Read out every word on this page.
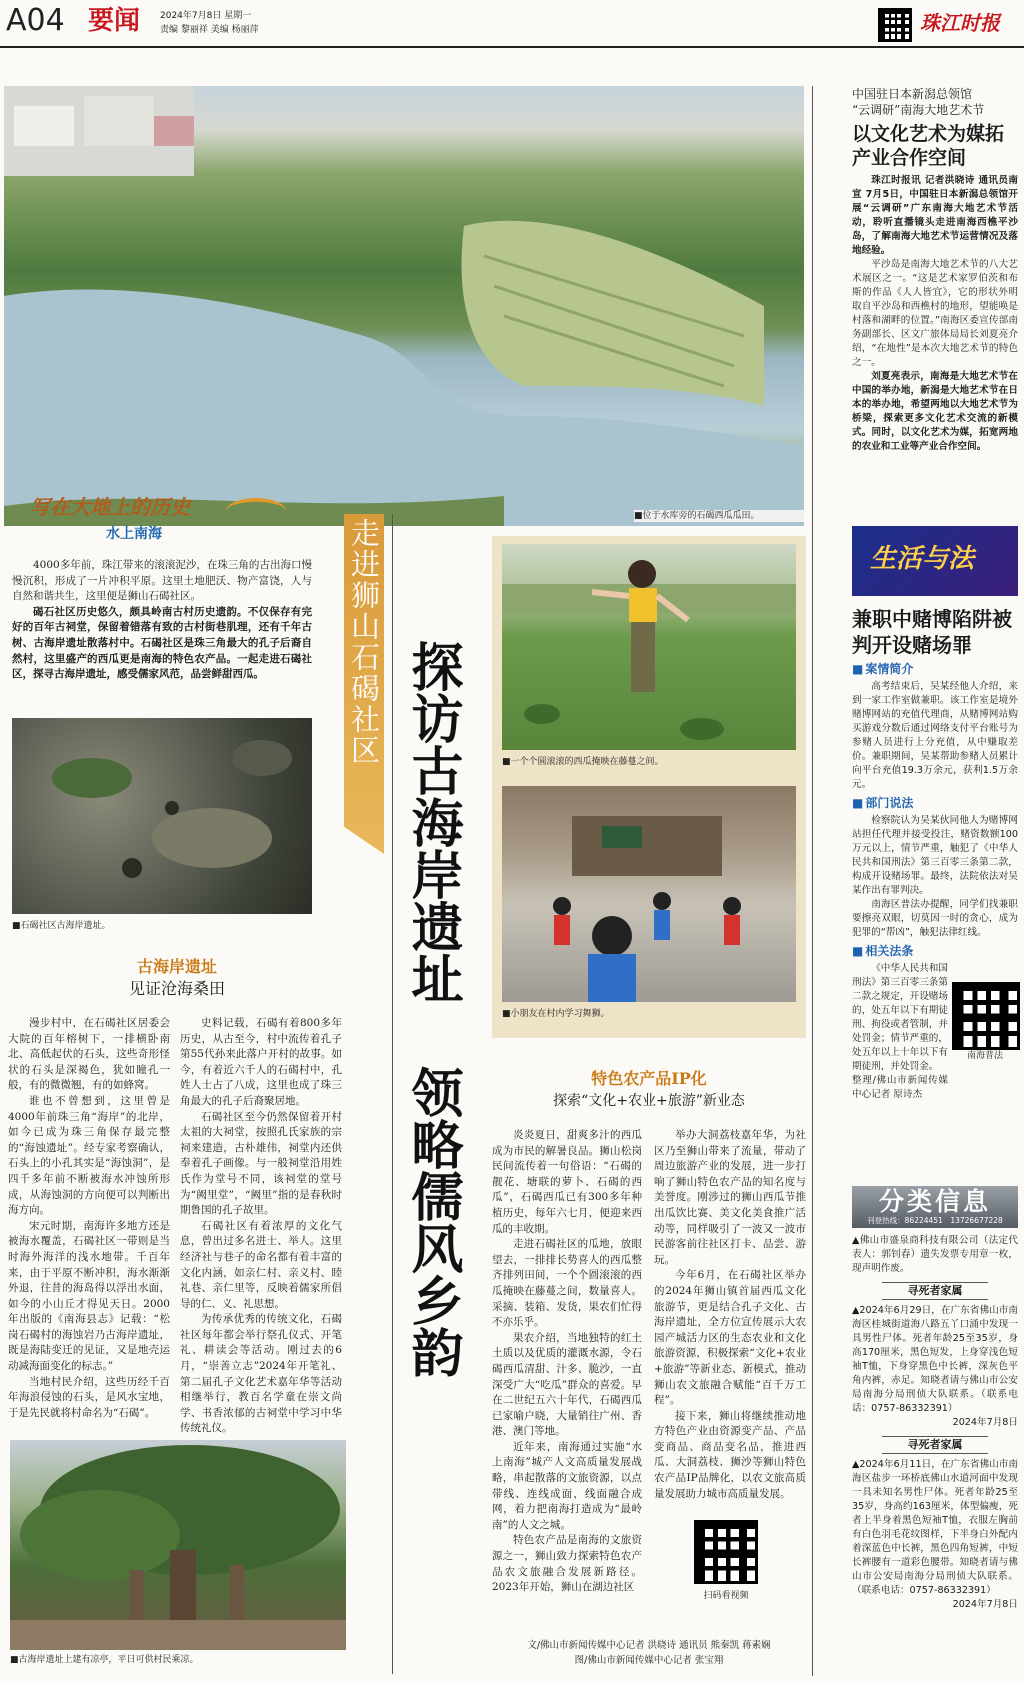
A04 要闻 2024年7月8日 星期一
责编 黎丽祥 美编 杨丽萍	珠江时报
■位于水库旁的石碣西瓜瓜田。
写在大地上的历史
水上南海

4000多年前，珠江带来的滚滚泥沙，在珠三角的古出海口慢慢沉积，形成了一片冲积平原。这里土地肥沃、物产富饶，人与自然和谐共生，这里便是狮山石碣社区。

碣石社区历史悠久，颇具岭南古村历史遗韵。不仅保存有完好的百年古祠堂，保留着错落有致的古村街巷肌理，还有千年古树、古海岸遗址散落村中。石碣社区是珠三角最大的孔子后裔自然村，这里盛产的西瓜更是南海的特色农产品。一起走进石碣社区，探寻古海岸遗址，感受儒家风范，品尝鲜甜西瓜。

■石碣社区古海岸遗址。
古海岸遗址
见证沧海桑田

漫步村中，在石碣社区居委会大院的百年榕树下，一排横卧南北、高低起伏的石头，这些奇形怪状的石头是深褐色，犹如瞳孔一般，有的微微翘，有的如蜂窝。

谁也不曾想到，这里曾是4000年前珠三角“海岸”的北岸，如今已成为珠三角保存最完整的“海蚀遗址”。经专家考察确认，石头上的小孔其实是“海蚀洞”，是四千多年前不断被海水冲蚀所形成，从海蚀洞的方向便可以判断出海方向。

宋元时期，南海许多地方还是被海水覆盖，石碣社区一带则是当时海外海洋的浅水地带。千百年来，由于平原不断冲积，海水渐渐外退，往昔的海岛得以浮出水面，如今的小山丘才得见天日。2000年出版的《南海县志》记载：“松岗石碣村的海蚀岩乃古海岸遗址，既是海陆变迁的见证，又是地壳运动减海面变化的标志。”

当地村民介绍，这些历经千百年海浪侵蚀的石头，是风水宝地，于是先民就将村命名为“石碣”。

史料记载，石碣有着800多年历史，从古至今，村中流传着孔子第55代孙来此落户开村的故事。如今，有着近六千人的石碣村中，孔姓人士占了八成，这里也成了珠三角最大的孔子后裔聚居地。

石碣社区至今仍然保留着开村太祖的大祠堂，按照孔氏家族的宗祠来建造，古朴雄伟，祠堂内还供奉着孔子画像。与一般祠堂沿用姓氏作为堂号不同，该祠堂的堂号为“阙里堂”，“阙里”指的是春秋时期鲁国的孔子故里。

石碣社区有着浓厚的文化气息，曾出过多名进士、举人。这里经济社与巷子的命名都有着丰富的文化内涵，如亲仁村、亲义村、睦礼巷、亲仁里等，反映着儒家所倡导的仁、义、礼思想。

为传承优秀的传统文化，石碣社区每年都会举行祭孔仪式、开笔礼、耕读会等活动。刚过去的6月，“崇善立志”2024年开笔礼、第二届孔子文化艺术嘉年华等活动相继举行，教百名学童在崇文尚学、书香浓郁的古祠堂中学习中华传统礼仪。

■古海岸遗址上建有凉亭，平日可供村民乘凉。
走进狮山石碣社区 探访古海岸遗址
领略儒风乡韵
■一个个圆滚滚的西瓜掩映在藤蔓之间。
■小朋友在村内学习舞狮。
特色农产品IP化
探索“文化+农业+旅游”新业态

炎炎夏日，甜爽多汁的西瓜成为市民的解暑良品。狮山松岗民间流传着一句俗语：“石碣的靓花、塘联的萝卜、石碣的西瓜”，石碣西瓜已有300多年种植历史，每年六七月，便迎来西瓜的丰收期。

走进石碣社区的瓜地，放眼望去，一排排长势喜人的西瓜整齐排列田间，一个个圆滚滚的西瓜掩映在藤蔓之间，数量喜人。采摘、装箱、发货，果农们忙得不亦乐乎。

果农介绍，当地独特的红土土质以及优质的灌溉水源，令石碣西瓜清甜、汁多、脆沙，一直深受广大“吃瓜”群众的喜爱。早在二世纪五六十年代，石碣西瓜已家喻户晓，大量销往广州、香港、澳门等地。

近年来，南海通过实施“水上南海”城产人文高质量发展战略，串起散落的文旅资源，以点带线、连线成面，线面融合成网，着力把南海打造成为“最岭南”的人文之城。

特色农产品是南海的文旅资源之一，狮山致力探索特色农产品农文旅融合发展新路径。2023年开始，狮山在湖边社区

举办大洞荔枝嘉年华，为社区乃至狮山带来了流量，带动了周边旅游产业的发展，进一步打响了狮山特色农产品的知名度与美誉度。刚涉过的狮山西瓜节推出瓜饮比赛、美文化美食推广活动等，同样吸引了一波又一波市民游客前往社区打卡、品尝、游玩。

今年6月，在石碣社区举办的2024年狮山镇首届西瓜文化旅游节，更是结合孔子文化、古海岸遗址，全方位宣传展示大农园产城活力区的生态农业和文化旅游资源，积极探索“文化+农业+旅游”等新业态、新模式，推动狮山农文旅融合赋能“百千万工程”。

接下来，狮山将继续推动地方特色产业由资源变产品、产品变商品、商品变名品，推进西瓜、大洞荔枝、狮沙等狮山特色农产品IP品牌化，以农文旅高质量发展助力城市高质量发展。

扫码看视频
文/佛山市新闻传媒中心记者 洪晓诗 通讯员 熊秦凯 蒋素娴
图/佛山市新闻传媒中心记者 张宝翔
中国驻日本新潟总领馆
“云调研”南海大地艺术节
以文化艺术为媒拓产业合作空间

珠江时报讯 记者洪晓诗 通讯员南宣 7月5日，中国驻日本新潟总领馆开展“云调研”广东南海大地艺术节活动，聆听直播镜头走进南海西樵平沙岛，了解南海大地艺术节运营情况及落地经验。

平沙岛是南海大地艺术节的八大艺术展区之一。“这是艺术家罗伯茨和布斯的作品《人人皆宜》，它的形状外明取自平沙岛和西樵村的地形，望能唤是村落和湖畔的位置。”南海区委宣传部南务副部长、区文广旅体局局长刘夏亮介绍，“在地性”是本次大地艺术节的特色之一。

刘夏亮表示，南海是大地艺术节在中国的举办地，新潟是大地艺术节在日本的举办地，希望两地以大地艺术节为桥梁，探索更多文化艺术交流的新模式。同时，以文化艺术为媒，拓宽两地的农业和工业等产业合作空间。

生活与法
兼职中赌博陷阱被判开设赌场罪
■ 案情简介

高考结束后，吴某经他人介绍，来到一家工作室做兼职。该工作室是境外赌博网站的充值代理商，从赌博网站购买游戏分数后通过网络支付平台账号为参赌人员进行上分充值，从中赚取差价。兼职期间，吴某帮助参赌人员累计向平台充值19.3万余元，获利1.5万余元。

■ 部门说法

检察院认为吴某伙同他人为赌博网站担任代理并接受投注，赌资数额100万元以上，情节严重，触犯了《中华人民共和国刑法》第三百零三条第二款，构成开设赌场罪。最终，法院依法对吴某作出有罪判决。

南海区普法办提醒，同学们找兼职要擦亮双眼，切莫因一时的贪心，成为犯罪的“帮凶”，触犯法律红线。

■ 相关法条

《中华人民共和国刑法》第三百零三条第二款之规定，开设赌场的，处五年以下有期徒刑、拘役或者管制，并处罚金；情节严重的，处五年以上十年以下有期徒刑，并处罚金。

整理/佛山市新闻传媒中心记者 原诗杰

南海普法
分类信息
刊登热线：86224451　13726677228

▲佛山市盛泉商科技有限公司（法定代表人：郭钊春）遗失发票专用章一枚，现声明作废。

寻死者家属

▲2024年6月29日，在广东省佛山市南海区桂城街道海八路五丫口涌中发现一具男性尸体。死者年龄25至35岁，身高170厘米，黑色短发，上身穿浅色短袖T恤，下身穿黑色中长裤，深灰色平角内裤，赤足。知晓者请与佛山市公安局南海分局刑侦大队联系。（联系电话：0757-86332391）

2024年7月8日

寻死者家属

▲2024年6月11日，在广东省佛山市南海区盐步一环桥底佛山水道河面中发现一具未知名男性尸体。死者年龄25至35岁，身高约163厘米，体型偏瘦，死者上半身着黑色短袖T恤，衣服左胸前有白色羽毛花纹图样，下半身白外配内着深蓝色中长裤，黑色四角短裤，中短长裤腰有一道彩色腰带。知晓者请与佛山市公安局南海分局刑侦大队联系。（联系电话：0757-86332391）

2024年7月8日
